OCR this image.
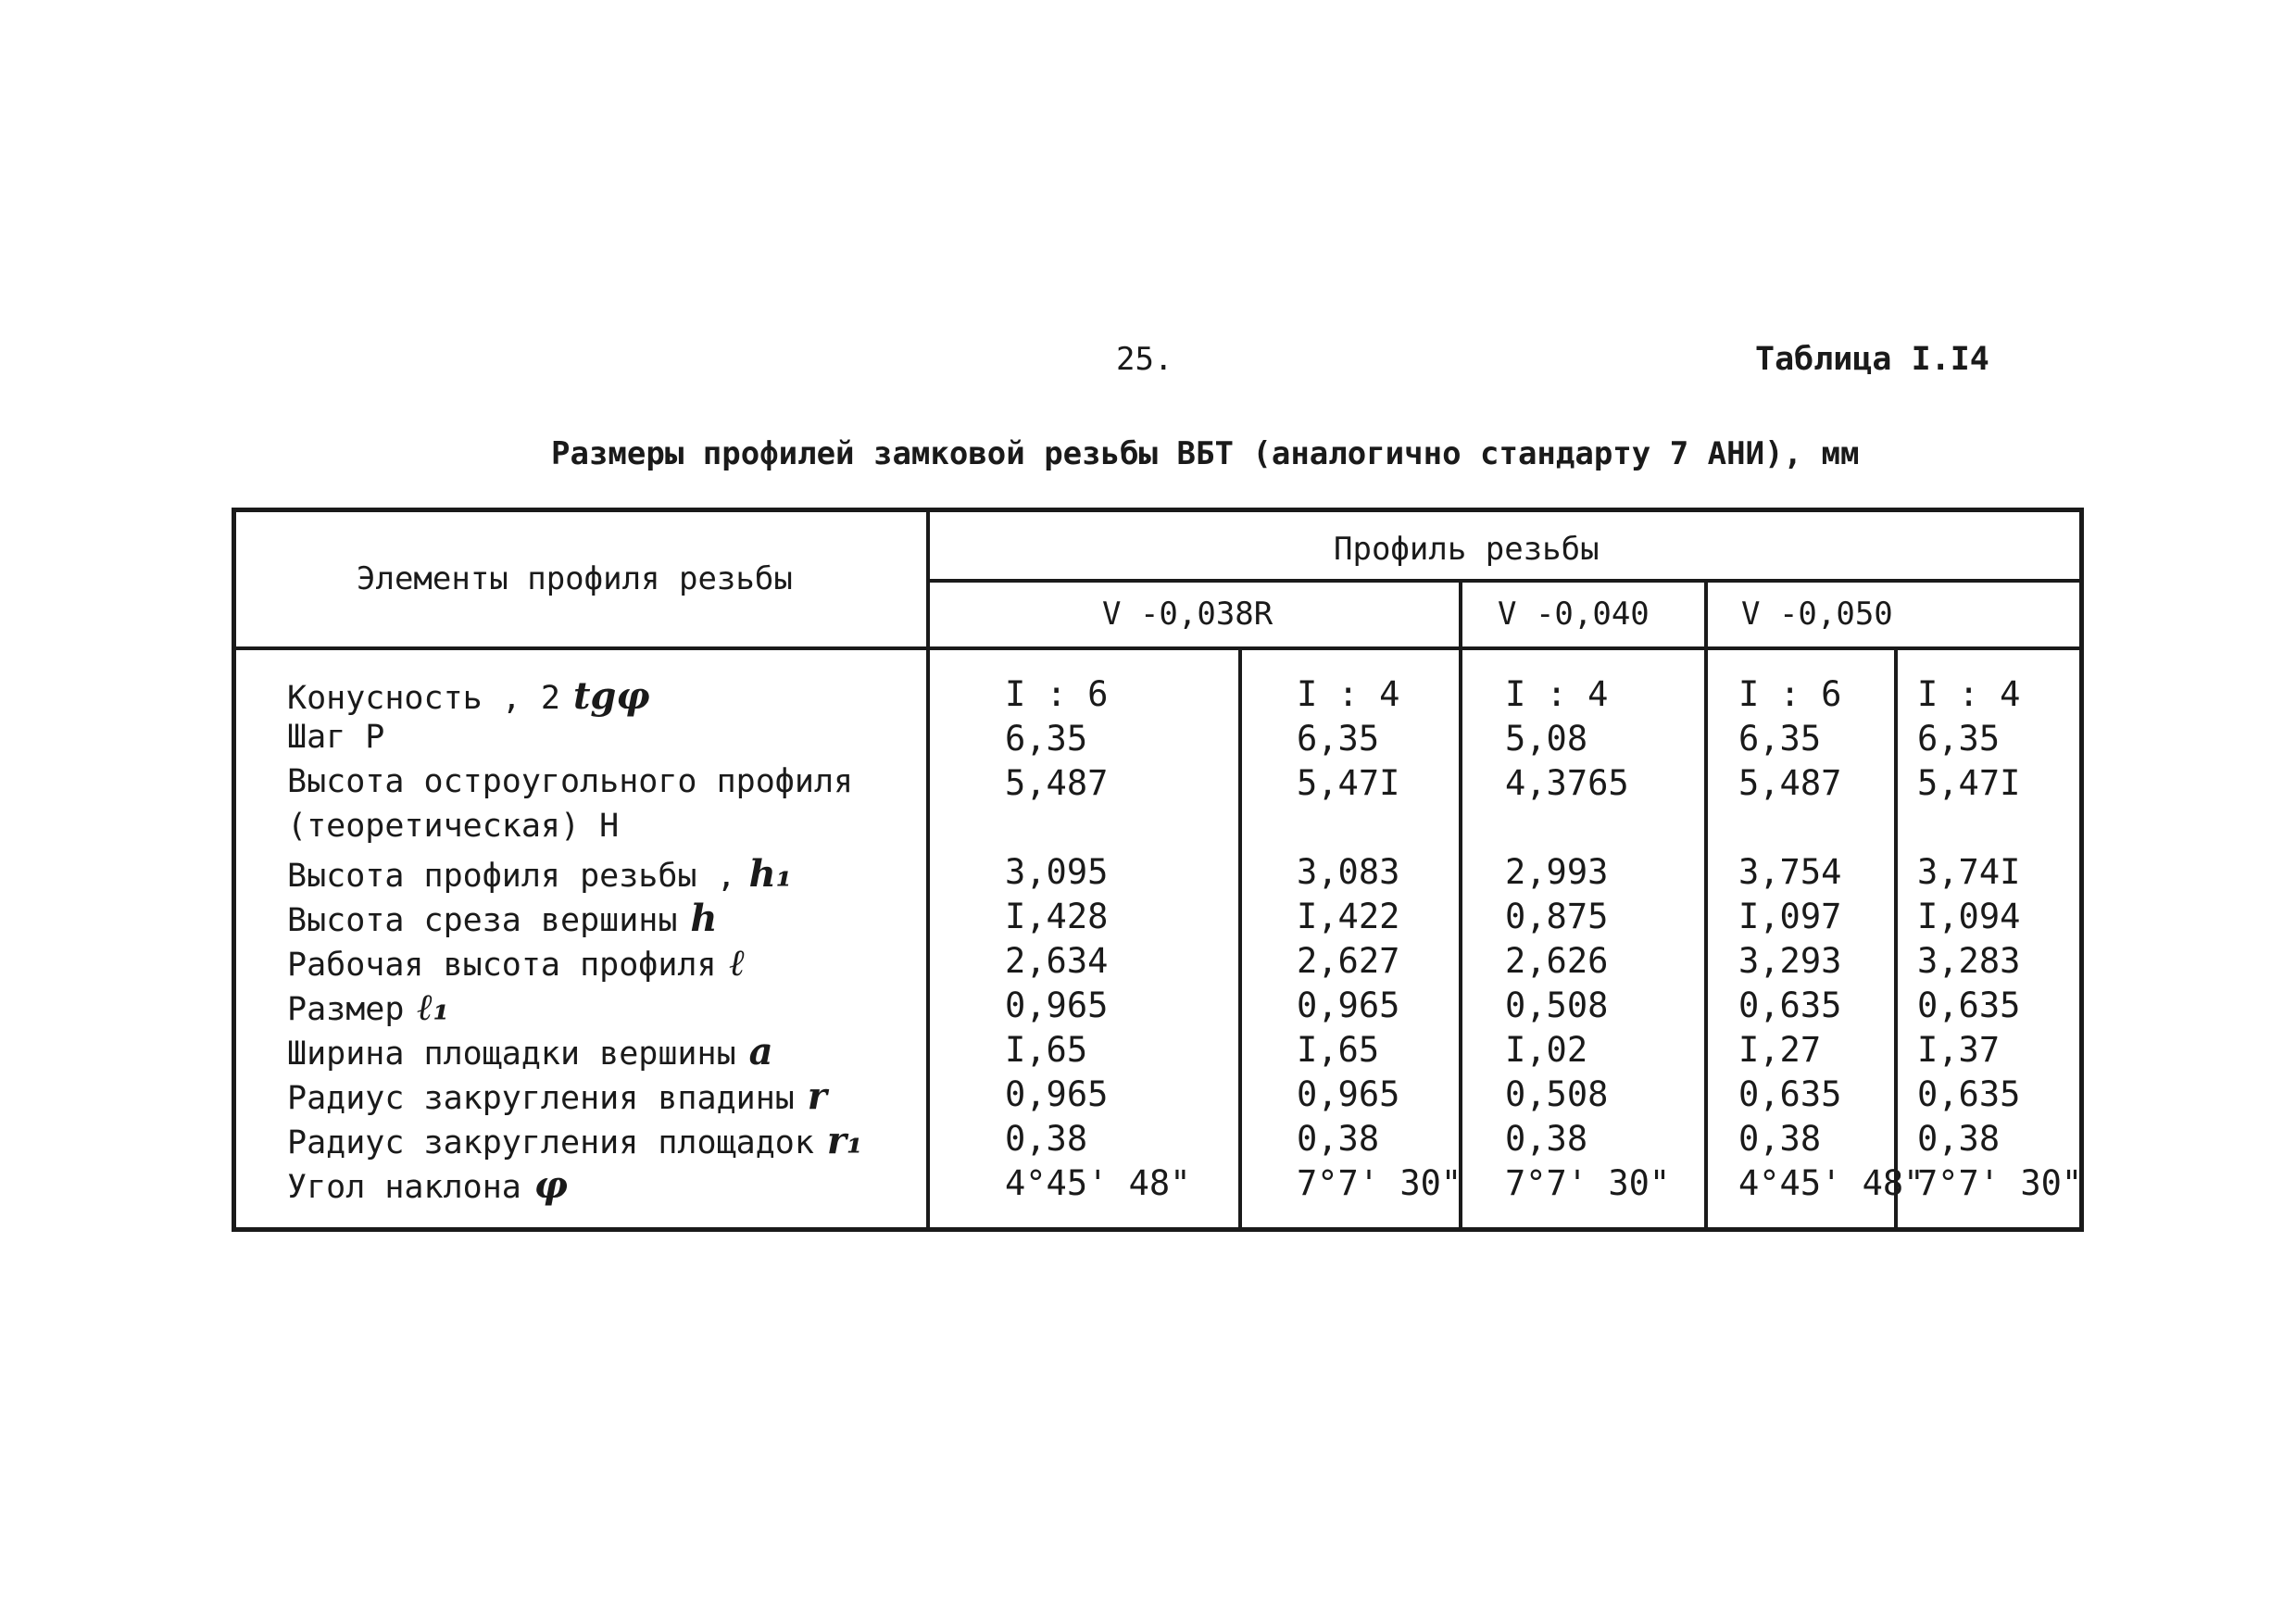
25.	Таблица I.I4
Размеры профилей замковой резьбы ВБТ (аналогично стандарту 7 АНИ), мм
Элементы профиля резьбы
Профиль резьбы
V -0,038R	V -0,040	V -0,050
Конусность , 2 tgφ	I : 6	I : 4	I : 4	I : 6 I : 4
Шаг P	6,35	6,35	5,08	6,35	6,35
Высота остроугольного профиля	5,487	5,47I	4,3765	5,487 5,47I
(теоретическая) H
Высота профиля резьбы , h₁	3,095	3,083	2,993	3,754 3,74I
Высота среза вершины h	I,428	I,422	0,875	I,097 I,094
Рабочая высота профиля ℓ	2,634	2,627	2,626	3,293 3,283
Размер ℓ₁	0,965	0,965	0,508	0,635 0,635
Ширина площадки вершины a	I,65	I,65	I,02	I,27	I,37
Радиус закругления впадины r	0,965	0,965	0,508	0,635 0,635
Радиус закругления площадок r₁	0,38	0,38	0,38	0,38	0,38
Угол наклона φ	4°45' 48"	7°7' 30" 7°7' 30" 4°45' 48"
7°7' 30"
